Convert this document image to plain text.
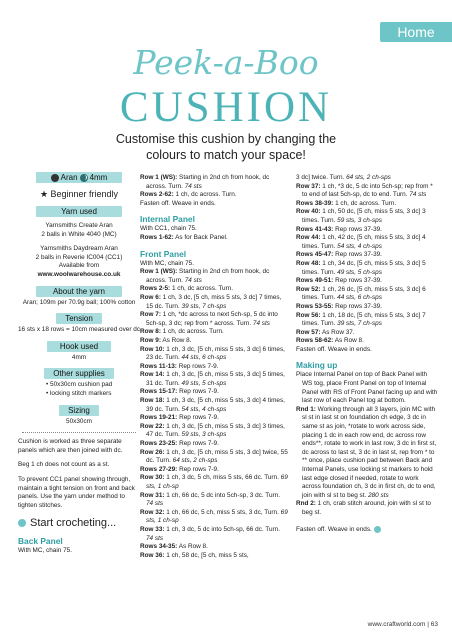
Home
Peek-a-Boo
CUSHION
Customise this cushion by changing the colours to match your space!
Aran 4mm
★ Beginner friendly
Yarn used
Yarnsmiths Create Aran
2 balls in White 4040 (MC)
Yarnsmiths Daydream Aran
2 balls in Reverie IC004 (CC1)
Available from
www.woolwarehouse.co.uk
About the yarn
Aran; 109m per 70.9g ball; 100% cotton
Tension
16 sts x 18 rows = 10cm measured over dc
Hook used
4mm
Other supplies
• 50x30cm cushion pad
• locking stitch markers
Sizing
50x30cm

Cushion is worked as three separate panels which are then joined with dc.

Beg 1 ch does not count as a st.

To prevent CC1 panel showing through, maintain a tight tension on front and back panels. Use the yarn under method to tighten stitches.

Start crocheting...
Back Panel
With MC, chain 75.
Row 1 (WS): Starting in 2nd ch from hook, dc across. Turn. 74 sts
Rows 2-62: 1 ch, dc across. Turn.
Fasten off. Weave in ends.
Internal Panel
With CC1, chain 75.
Rows 1-62: As for Back Panel.
Front Panel
With MC, chain 75.
Row 1 (WS): Starting in 2nd ch from hook, dc across. Turn. 74 sts
Rows 2-5: 1 ch, dc across. Turn.
Row 6: 1 ch, 3 dc, [5 ch, miss 5 sts, 3 dc] 7 times, 15 dc. Turn. 39 sts, 7 ch-sps
Row 7: 1 ch, *dc across to next 5ch-sp, 5 dc into 5ch-sp, 3 dc; rep from * across. Turn. 74 sts
Row 8: 1 ch, dc across. Turn.
Row 9: As Row 8.
Row 10: 1 ch, 3 dc, [5 ch, miss 5 sts, 3 dc] 6 times, 23 dc. Turn. 44 sts, 6 ch-sps
Rows 11-13: Rep rows 7-9.
Row 14: 1 ch, 3 dc, [5 ch, miss 5 sts, 3 dc] 5 times, 31 dc. Turn. 49 sts, 5 ch-sps
Rows 15-17: Rep rows 7-9.
Row 18: 1 ch, 3 dc, [5 ch, miss 5 sts, 3 dc] 4 times, 39 dc. Turn. 54 sts, 4 ch-sps
Rows 19-21: Rep rows 7-9.
Row 22: 1 ch, 3 dc, [5 ch, miss 5 sts, 3 dc] 3 times, 47 dc. Turn. 59 sts, 3 ch-sps
Rows 23-25: Rep rows 7-9.
Row 26: 1 ch, 3 dc, [5 ch, miss 5 sts, 3 dc] twice, 55 dc. Turn. 64 sts, 2 ch-sps
Rows 27-29: Rep rows 7-9.
Row 30: 1 ch, 3 dc, 5 ch, miss 5 sts, 66 dc. Turn. 69 sts, 1 ch-sp
Row 31: 1 ch, 66 dc, 5 dc into 5ch-sp, 3 dc. Turn. 74 sts
Row 32: 1 ch, 66 dc, 5 ch, miss 5 sts, 3 dc, Turn. 69 sts, 1 ch-sp
Row 33: 1 ch, 3 dc, 5 dc into 5ch-sp, 66 dc. Turn. 74 sts
Rows 34-35: As Row 8.
Row 36: 1 ch, 58 dc, [5 ch, miss 5 sts,
3 dc] twice. Turn. 64 sts, 2 ch-sps
Row 37: 1 ch, *3 dc, 5 dc into 5ch-sp; rep from * to end of last 5ch-sp, dc to end. Turn. 74 sts
Rows 38-39: 1 ch, dc across. Turn.
Row 40: 1 ch, 50 dc, [5 ch, miss 5 sts, 3 dc] 3 times. Turn. 59 sts, 3 ch-sps
Rows 41-43: Rep rows 37-39.
Row 44: 1 ch, 42 dc, [5 ch, miss 5 sts, 3 dc] 4 times. Turn. 54 sts, 4 ch-sps
Rows 45-47: Rep rows 37-39.
Row 48: 1 ch, 34 dc, [5 ch, miss 5 sts, 3 dc] 5 times. Turn. 49 sts, 5 ch-sps
Rows 49-51: Rep rows 37-39.
Row 52: 1 ch, 26 dc, [5 ch, miss 5 sts, 3 dc] 6 times. Turn. 44 sts, 6 ch-sps
Rows 53-55: Rep rows 37-39.
Row 56: 1 ch, 18 dc, [5 ch, miss 5 sts, 3 dc] 7 times. Turn. 39 sts, 7 ch-sps
Row 57: As Row 37.
Rows 58-62: As Row 8.
Fasten off. Weave in ends.
Making up
Place Internal Panel on top of Back Panel with WS tog, place Front Panel on top of Internal Panel with RS of Front Panel facing up and with last row of each Panel tog at bottom.
Rnd 1: Working through all 3 layers, join MC with sl st in last st on foundation ch edge, 3 dc in same st as join, *rotate to work across side, placing 1 dc in each row end, dc across row ends**, rotate to work in last row, 3 dc in first st, dc across to last st, 3 dc in last st, rep from * to ** once, place cushion pad between Back and Internal Panels, use locking st markers to hold last edge closed if needed, rotate to work across foundation ch, 3 dc in first ch, dc to end, join with sl st to beg st. 280 sts
Rnd 2: 1 ch, crab stitch around, join with sl st to beg st.
Fasten off. Weave in ends.
www.craftworld.com | 63
